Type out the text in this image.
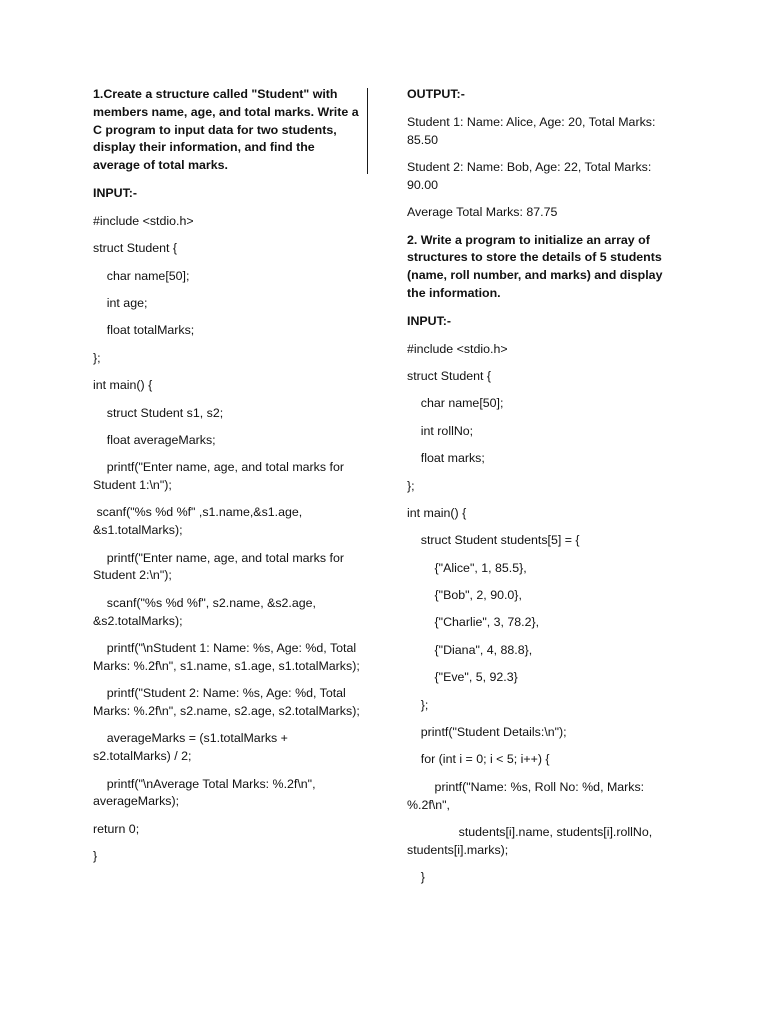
1.Create a structure called "Student" with members name, age, and total marks. Write a C program to input data for two students, display their information, and find the average of total marks.
INPUT:-
#include <stdio.h>
struct Student {
char name[50];
int age;
float totalMarks;
};
int main() {
struct Student s1, s2;
float averageMarks;
printf("Enter name, age, and total marks for Student 1:\n");
scanf("%s %d %f" ,s1.name,&s1.age, &s1.totalMarks);
printf("Enter name, age, and total marks for Student 2:\n");
scanf("%s %d %f", s2.name, &s2.age, &s2.totalMarks);
printf("\nStudent 1: Name: %s, Age: %d, Total Marks: %.2f\n", s1.name, s1.age, s1.totalMarks);
printf("Student 2: Name: %s, Age: %d, Total Marks: %.2f\n", s2.name, s2.age, s2.totalMarks);
averageMarks = (s1.totalMarks + s2.totalMarks) / 2;
printf("\nAverage Total Marks: %.2f\n", averageMarks);
return 0;
}
OUTPUT:-
Student 1: Name: Alice, Age: 20, Total Marks: 85.50
Student 2: Name: Bob, Age: 22, Total Marks: 90.00
Average Total Marks: 87.75
2. Write a program to initialize an array of structures to store the details of 5 students (name, roll number, and marks) and display the information.
INPUT:-
#include <stdio.h>
struct Student {
char name[50];
int rollNo;
float marks;
};
int main() {
struct Student students[5] = {
{"Alice", 1, 85.5},
{"Bob", 2, 90.0},
{"Charlie", 3, 78.2},
{"Diana", 4, 88.8},
{"Eve", 5, 92.3}
};
printf("Student Details:\n");
for (int i = 0; i < 5; i++) {
printf("Name: %s, Roll No: %d, Marks: %.2f\n",
students[i].name, students[i].rollNo, students[i].marks);
}
